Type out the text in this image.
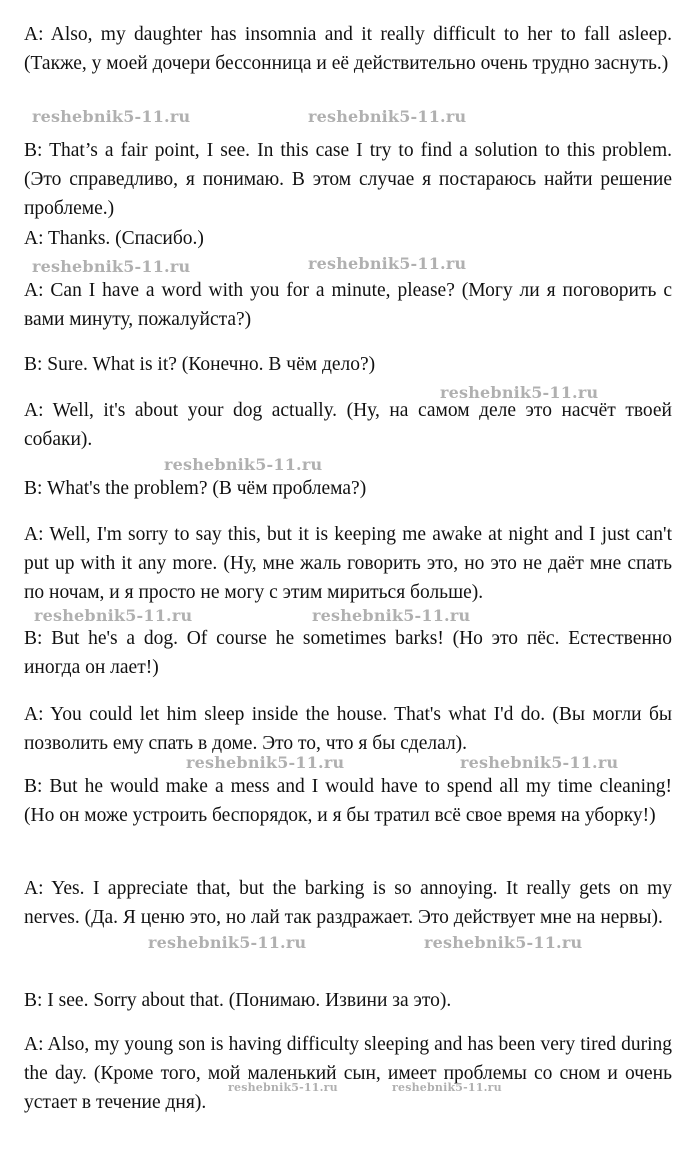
A: Also, my daughter has insomnia and it really difficult to her to fall asleep. (Также, у моей дочери бессонница и её действительно очень трудно заснуть.)

B: That’s a fair point, I see. In this case I try to find a solution to this problem. (Это справедливо, я понимаю. В этом случае я постараюсь найти решение проблеме.)

A: Thanks. (Спасибо.)

A: Can I have a word with you for a minute, please? (Могу ли я поговорить с вами минуту, пожалуйста?)

B: Sure. What is it? (Конечно. В чём дело?)

A: Well, it's about your dog actually. (Ну, на самом деле это насчёт твоей собаки).

B: What's the problem? (В чём проблема?)

A: Well, I'm sorry to say this, but it is keeping me awake at night and I just can't put up with it any more. (Ну, мне жаль говорить это, но это не даёт мне спать по ночам, и я просто не могу с этим мириться больше).

B: But he's a dog. Of course he sometimes barks! (Но это пёс. Естественно иногда он лает!)

A: You could let him sleep inside the house. That's what I'd do. (Вы могли бы позволить ему спать в доме. Это то, что я бы сделал).

B: But he would make a mess and I would have to spend all my time cleaning! (Но он може устроить беспорядок, и я бы тратил всё свое время на уборку!)

A: Yes. I appreciate that, but the barking is so annoying. It really gets on my nerves. (Да. Я ценю это, но лай так раздражает. Это действует мне на нервы).

B: I see. Sorry about that. (Понимаю. Извини за это).

A: Also, my young son is having difficulty sleeping and has been very tired during the day. (Кроме того, мой маленький сын, имеет проблемы со сном и очень устает в течение дня).

reshebnik5-11.ru	reshebnik5-11.ru
reshebnik5-11.ru	reshebnik5-11.ru
reshebnik5-11.ru
reshebnik5-11.ru
reshebnik5-11.ru	reshebnik5-11.ru
reshebnik5-11.ru	reshebnik5-11.ru
reshebnik5-11.ru	reshebnik5-11.ru
reshebnik5-11.ru	reshebnik5-11.ru
